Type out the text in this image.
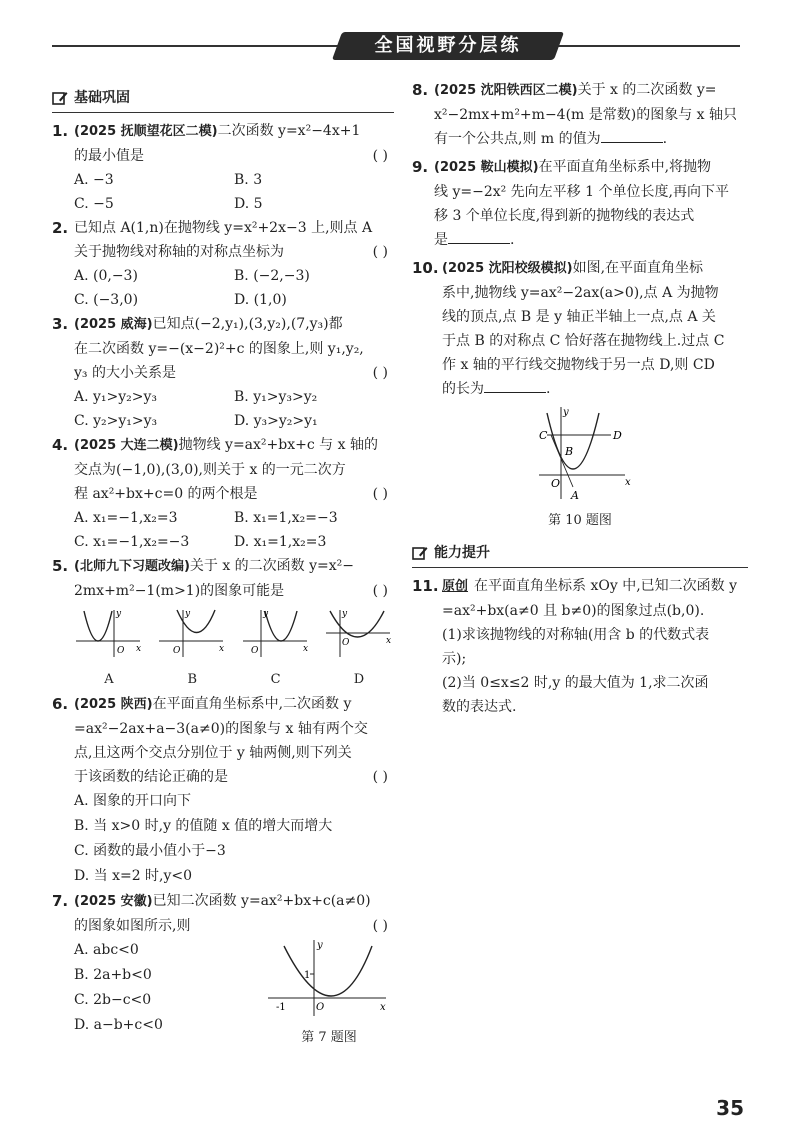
全国视野分层练
基础巩固
1. (2025 抚顺望花区二模)二次函数 y=x²−4x+1
的最小值是	( )
A. −3	B. 3
C. −5	D. 5
2. 已知点 A(1,n)在抛物线 y=x²+2x−3 上,则点 A
关于抛物线对称轴的对称点坐标为	( )
A. (0,−3)	B. (−2,−3)
C. (−3,0)	D. (1,0)
3. (2025 威海)已知点(−2,y₁),(3,y₂),(7,y₃)都
在二次函数 y=−(x−2)²+c 的图象上,则 y₁,y₂,
y₃ 的大小关系是	( )
A. y₁>y₂>y₃	B. y₁>y₃>y₂
C. y₂>y₁>y₃	D. y₃>y₂>y₁
4. (2025 大连二模)抛物线 y=ax²+bx+c 与 x 轴的
交点为(−1,0),(3,0),则关于 x 的一元二次方
程 ax²+bx+c=0 的两个根是	( )
A. x₁=−1,x₂=3	B. x₁=1,x₂=−3
C. x₁=−1,x₂=−3	D. x₁=1,x₂=3
5. (北师九下习题改编)关于 x 的二次函数 y=x²−
2mx+m²−1(m>1)的图象可能是	( )
O x
y
A
O	x
y
B
O	x
y
C
O	x
y
D
6. (2025 陕西)在平面直角坐标系中,二次函数 y
=ax²−2ax+a−3(a≠0)的图象与 x 轴有两个交
点,且这两个交点分别位于 y 轴两侧,则下列关
于该函数的结论正确的是	( )
A. 图象的开口向下
B. 当 x>0 时,y 的值随 x 值的增大而增大
C. 函数的最小值小于−3
D. 当 x=2 时,y<0
7. (2025 安徽)已知二次函数 y=ax²+bx+c(a≠0)
的图象如图所示,则	( )
A. abc<0
B. 2a+b<0
C. 2b−c<0
D. a−b+c<0
1
-1	O	x
y
第 7 题图
8. (2025 沈阳铁西区二模)关于 x 的二次函数 y=
x²−2mx+m²+m−4(m 是常数)的图象与 x 轴只
有一个公共点,则 m 的值为	.
9. (2025 鞍山模拟)在平面直角坐标系中,将抛物
线 y=−2x² 先向左平移 1 个单位长度,再向下平
移 3 个单位长度,得到新的抛物线的表达式
是	.
10. (2025 沈阳校级模拟)如图,在平面直角坐标
系中,抛物线 y=ax²−2ax(a>0),点 A 为抛物
线的顶点,点 B 是 y 轴正半轴上一点,点 A 关
于点 B 的对称点 C 恰好落在抛物线上.过点 C
作 x 轴的平行线交抛物线于另一点 D,则 CD
的长为	.
C	D
B
O
A
x
y
第 10 题图
能力提升
11. 原创 在平面直角坐标系 xOy 中,已知二次函数 y
=ax²+bx(a≠0 且 b≠0)的图象过点(b,0).
(1)求该抛物线的对称轴(用含 b 的代数式表
示);
(2)当 0≤x≤2 时,y 的最大值为 1,求二次函
数的表达式.
35
